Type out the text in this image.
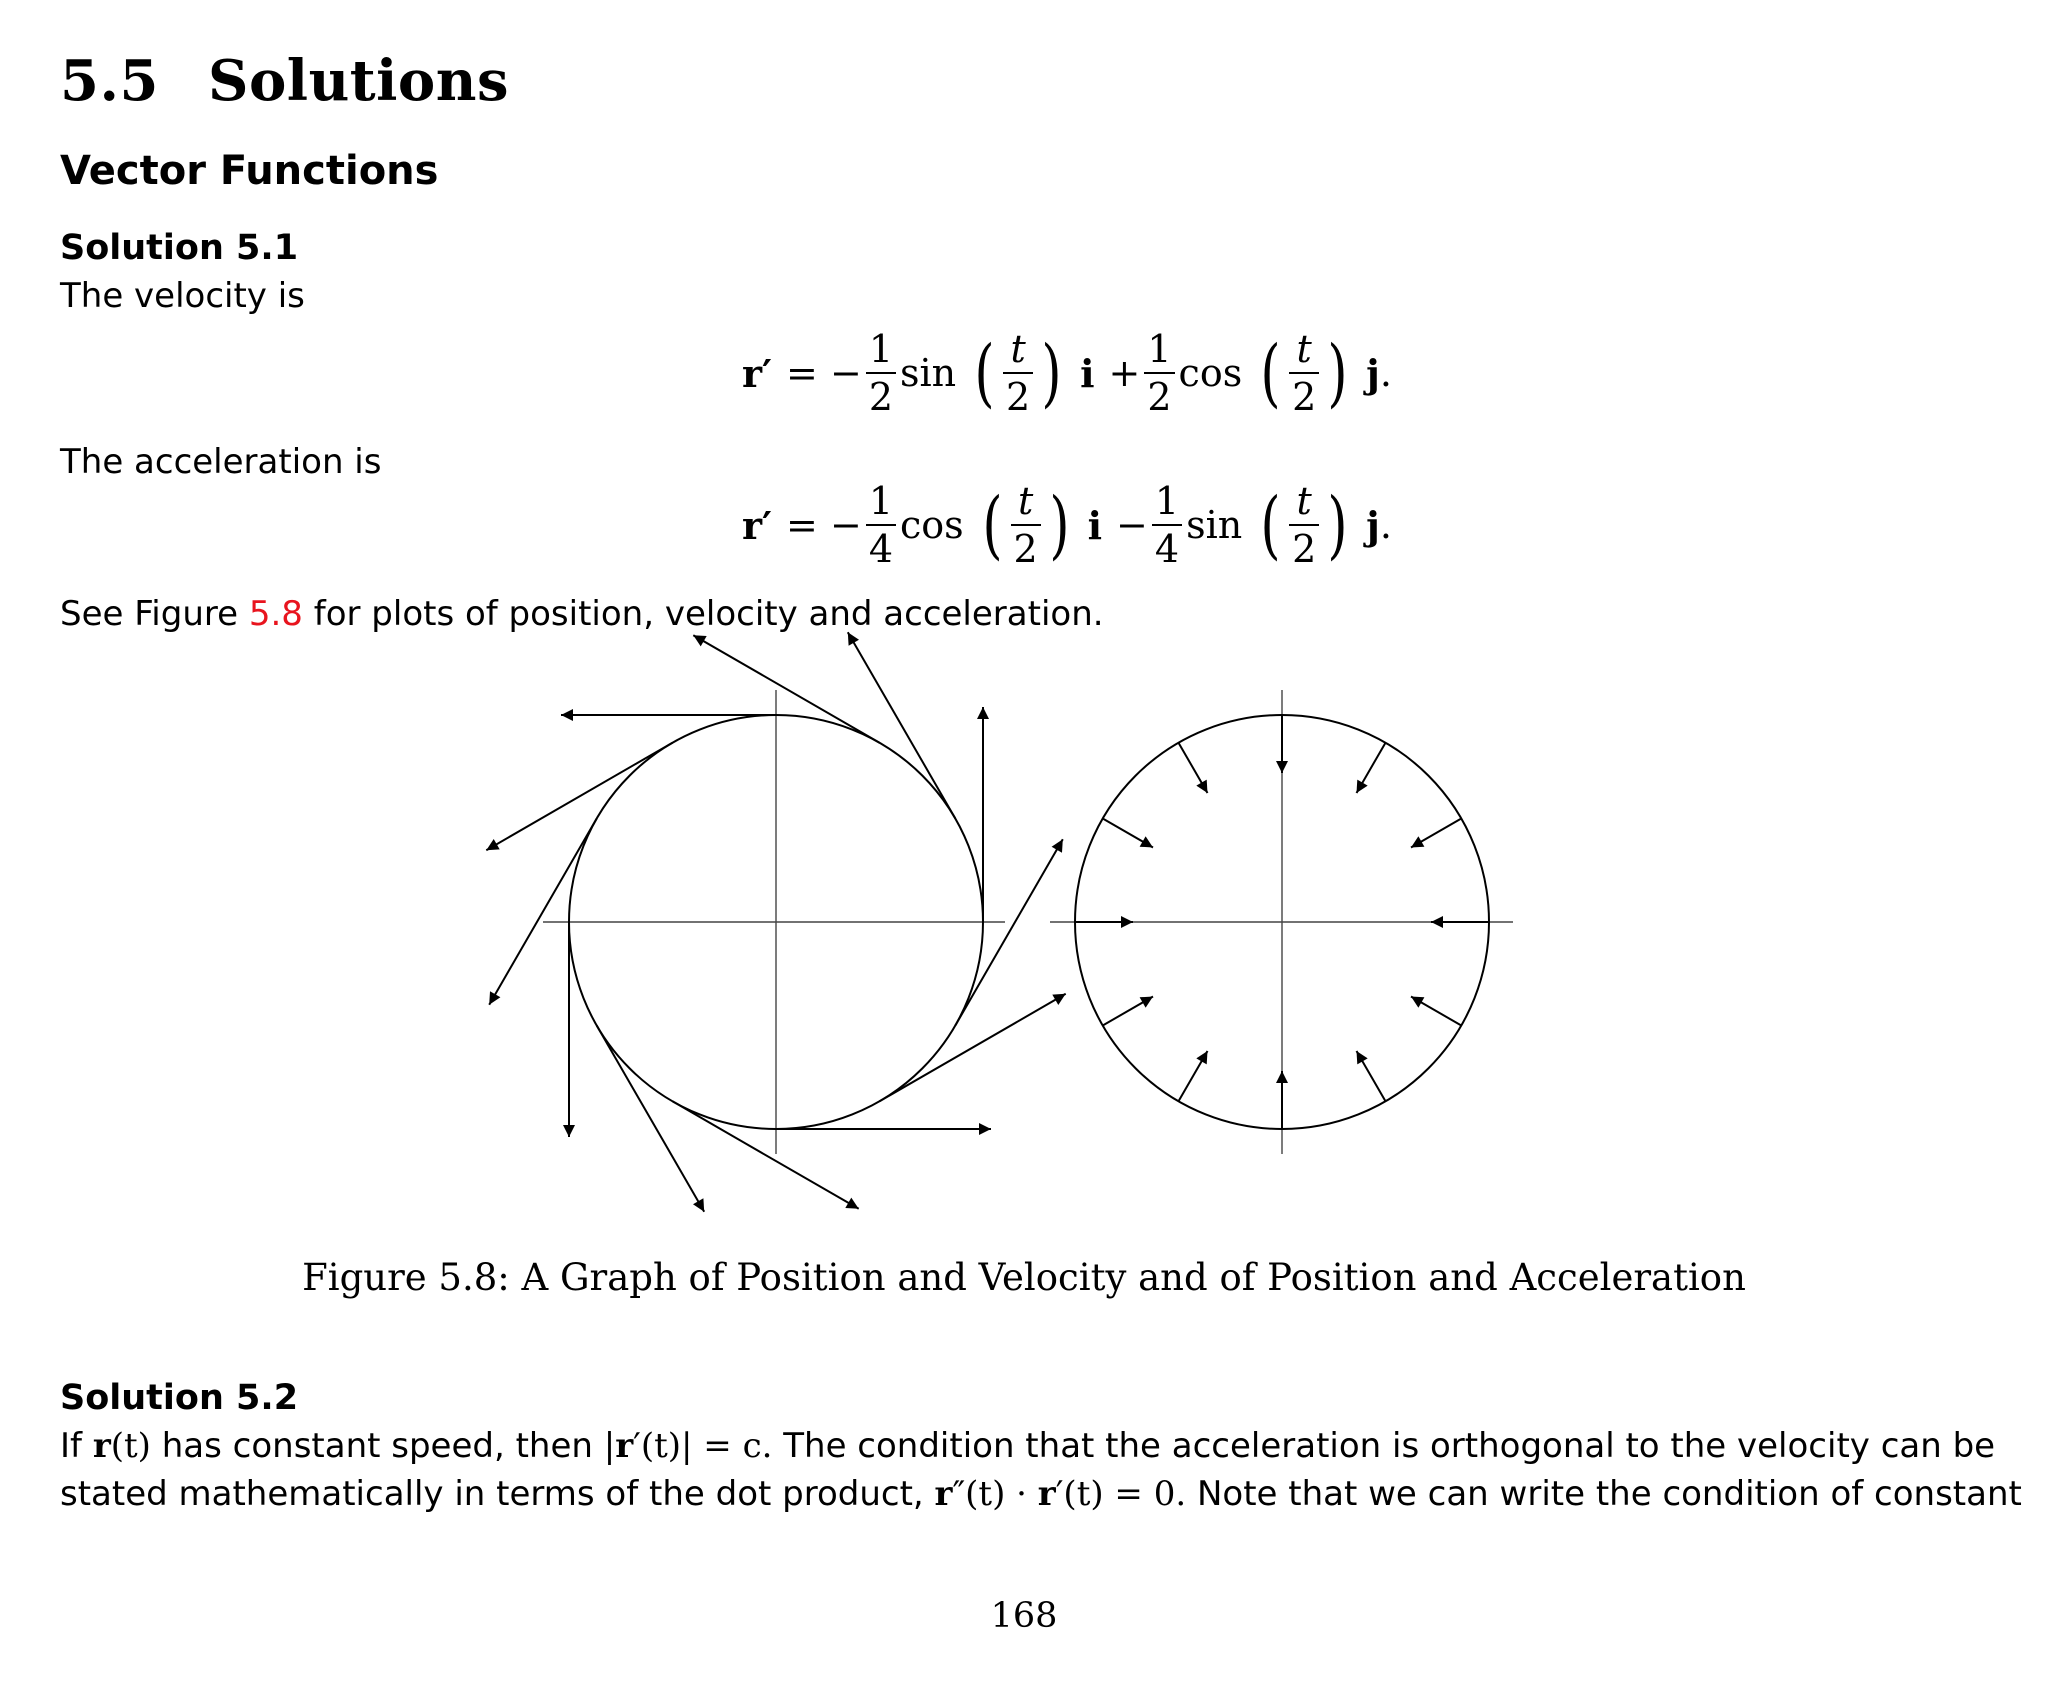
5.5 Solutions
Vector Functions
Solution 5.1

The velocity is

r′ = − $\frac{1}{2}$ sin ( $\frac{t}{2}$ ) $i + \frac{1}{2}$ cos ( $\frac{t}{2}$ ) j .

The acceleration is

r′ = − $\frac{1}{4}$ cos ( $\frac{t}{2}$ ) $i - \frac{1}{4}$ sin ( $\frac{t}{2}$ ) j .

See Figure 5.8 for plots of position, velocity and acceleration.

Figure 5.8: A Graph of Position and Velocity and of Position and Acceleration
Solution 5.2

If r(t) has constant speed, then |r′(t)| = c. The condition that the acceleration is orthogonal to the velocity can be

stated mathematically in terms of the dot product, r″(t) · r′(t) = 0. Note that we can write the condition of constant

168
